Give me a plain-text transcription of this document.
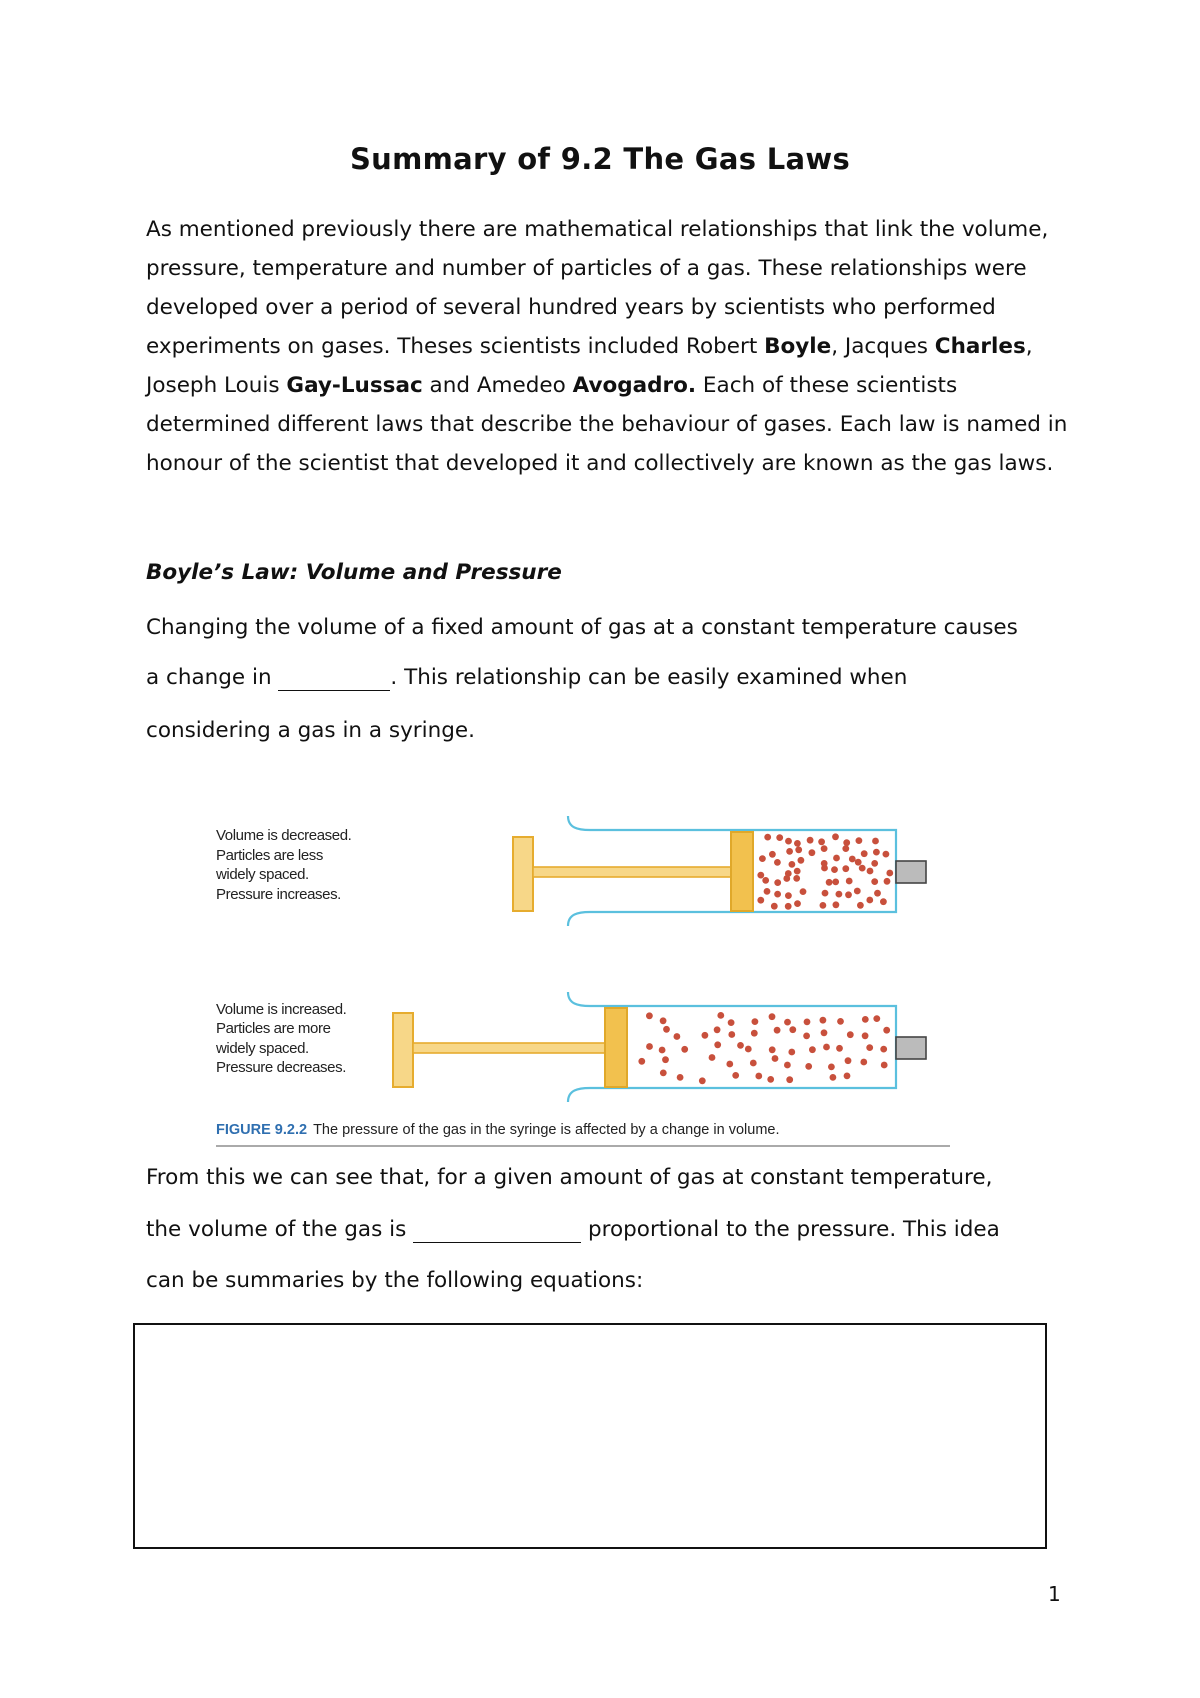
Summary of 9.2 The Gas Laws
As mentioned previously there are mathematical relationships that link the volume, pressure, temperature and number of particles of a gas. These relationships were developed over a period of several hundred years by scientists who performed experiments on gases. Theses scientists included Robert Boyle, Jacques Charles, Joseph Louis Gay-Lussac and Amedeo Avogadro. Each of these scientists determined different laws that describe the behaviour of gases. Each law is named in honour of the scientist that developed it and collectively are known as the gas laws.
Boyle’s Law: Volume and Pressure
Changing the volume of a fixed amount of gas at a constant temperature causes
a change in	. This relationship can be easily examined when
considering a gas in a syringe.
Volume is decreased.
Particles are less
widely spaced.
Pressure increases.
Volume is increased.
Particles are more
widely spaced.
Pressure decreases.
FIGURE 9.2.2 The pressure of the gas in the syringe is affected by a change in volume.
From this we can see that, for a given amount of gas at constant temperature,
the volume of the gas is	proportional to the pressure. This idea
can be summaries by the following equations:
1
